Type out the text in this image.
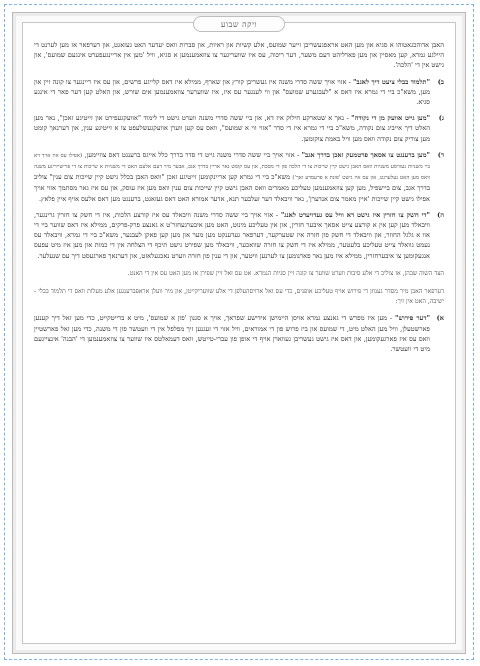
ויקה שבוע

האבן אדוהכגאטוהו א סגיא און מען האט אראפגעשריבן זייער שמועס, אלע קשיות און ראיות, און סברות וואס יעדער האט געזאגט, און דערפאר אז מען לערנט די היילגע גמרא, קען מאסיין און מען פארליהט דעם משער, דער ריכוה, עס איז שוועריגער צו צוזאמענמען א סגיא, וויל 'מען אין אריינגעפערט אינגעם שמועס', און גישט אין די 'הלכה'.

ב)
"תלמוד בבלי ציעט דיך לאגב" - אזוי אויך ששה סדרי משנה איז געשריבן קורץ און שארף, ממילא איז דאס קלייגע פרשים, און עס איז ריינגער צו קונה זיין און מען, משא"כ ביי די גמרא איז דאס א "לעבגערע שמועס" און ווי לענגער עס איז, איז שווערער צוזאמענמען אים שורש, און האלט קען דער פאר די אינגע סגיא.
ג)
"מען גייט אוועק מן די נקודה" - נאך א שטארקע חילוק איז דא, און ביי ששה סדרי משנה ווערט גישט די לימוד "אוועקגעפירט און זייטיגע זאכן", נאר מען האלט דיך אייביג צום נקודה, משא"כ ביי די גמרא איז די סדר "אזוי ווי א שמועס", וואס עס קען ווערן אוועקגעשלעפט צו א זייטיגע ענין, און דערנאך קומט מען צוריק צום נקודה וואס מען וויל באמת צוקומען.
ד)
"מען ברענגט צו אסאך פרטמעק זאכן בדרך אגב" - אזוי אויך ביי ששה סדרי משנה גייט די סדר בדרך כלל אייגס ברענגט דאס צוזיימען, (אפילו עס איז אויך דא ביי משניות געוויסע משניות וואס האבן גישט קיין שייכות צו די הלכה פון די מסכת, און עס קומט נאר אריין בדרך אגב, אבער מיר דעם אלעם האט די משניות א שייכות צו די פרישייריגע משנה וואס מען האט געלערנט, און עס איז גישט 'פונת א פרעמדע זאך') משא"כ ביי די גמרא קען אריינקומען זייטיגע זאכן "וואס האבן בכלל גישט קיין שייכות צום ענין" צוליב בדרך אגב, צום ביישפיל, מען קען צוזאמענמען טעליכע מאמרים וואס האבן גישט קיין שייכות צום ענין וואס מען איז עוסק, און עס איז גאר מסתמך אזוי אויך אפילו גישט קיין שייכות 'איין מאמר צום אנדערן', נאר וויבאלד דער זעלבער תנא, אדער אמורא האט דאס געזאגט, ברענגט מען דאס אלעס אויף איין פלאץ.
ה)
"די חשק צו חזרין איז גישט דא וויל עס געדויערט לאנג" - אזוי אויך ביי ששה סדרי משנה וויבאלד עס איז קורצע הלכות, איז די חשק צו חזרין גרינגער, וויבאלד מען קען אין א קורצע צייט אסאך איבער חזרין, און אין טעליכע מינוט, האט מען איבערגעחזר'ט א גאנצע פרק-פרקים, ממילא איז דאס שווער ביי די אוו א גלגל החוזר, און וויבאלד די חשק פון חזרה איז שטערקער, דערפאר געדענקט מען מער און מען קען פאקן לעבנער, משא"כ ביי די גמרא, וויבאלד עס נעמט גוואלד צייט טעליכע בלעטער, ממילא איז די חשק צו חזרה שוואכער, וויבאלד מען שפירט גישט תיכף די הצלחה אין די כמות און מען איז מיט עפעס אנגעקומען צו איבערחזרין, ממילא איז מען נאר פארנומען צו לערנען וויטער, און די ענין פון חזרה ווערט נאכגעלאזט, און דערנאך פארגעסט דיך עס שנעלער.

הצד השוה שבהן, אז צוליב די אלע סיבות ווערט שווער צו קונה זיין סגיות הגמרא. אט עס זאל זיין שפירן אז מען האט עס אין די האנט.

דערפאר האבן מיר מסדר גענוזן די פירוש אויף טעליכע אופנים, כדי עס זאל ארויסהעלפן די אלע שוועריקייטן, און מיר וועלן אראפברענגען אלע מעלות וואס די תלמוד בבלי - ישיבה, האט אין זיך:

א)
"דער פירוש" - מען איז מפרש די גאנצע גמרא אויסן היימישן אידישע שפראך, אויך א סגנון 'פון א שמועס', מיט א ברייטקייט, כדי מען זאל דיך קענען פארשטעלן, וויל מען האלט מיט, די שמועס און ביז פרוש פון די אמוראים, וויל אזוי די זעגנען זיך מפלפל אין די וועטשר פון די משנה, כדי מען זאל פארשטיין וואס עס איז פארגעקומען, און דאס איז גישט געשריבן געווארן אויף די אופן פון עברי-טייטש, וואס דעמאלטס איז שווער צו צוזאמענמען די 'הבנה' אינצייגעם מיט די וועטשר.
